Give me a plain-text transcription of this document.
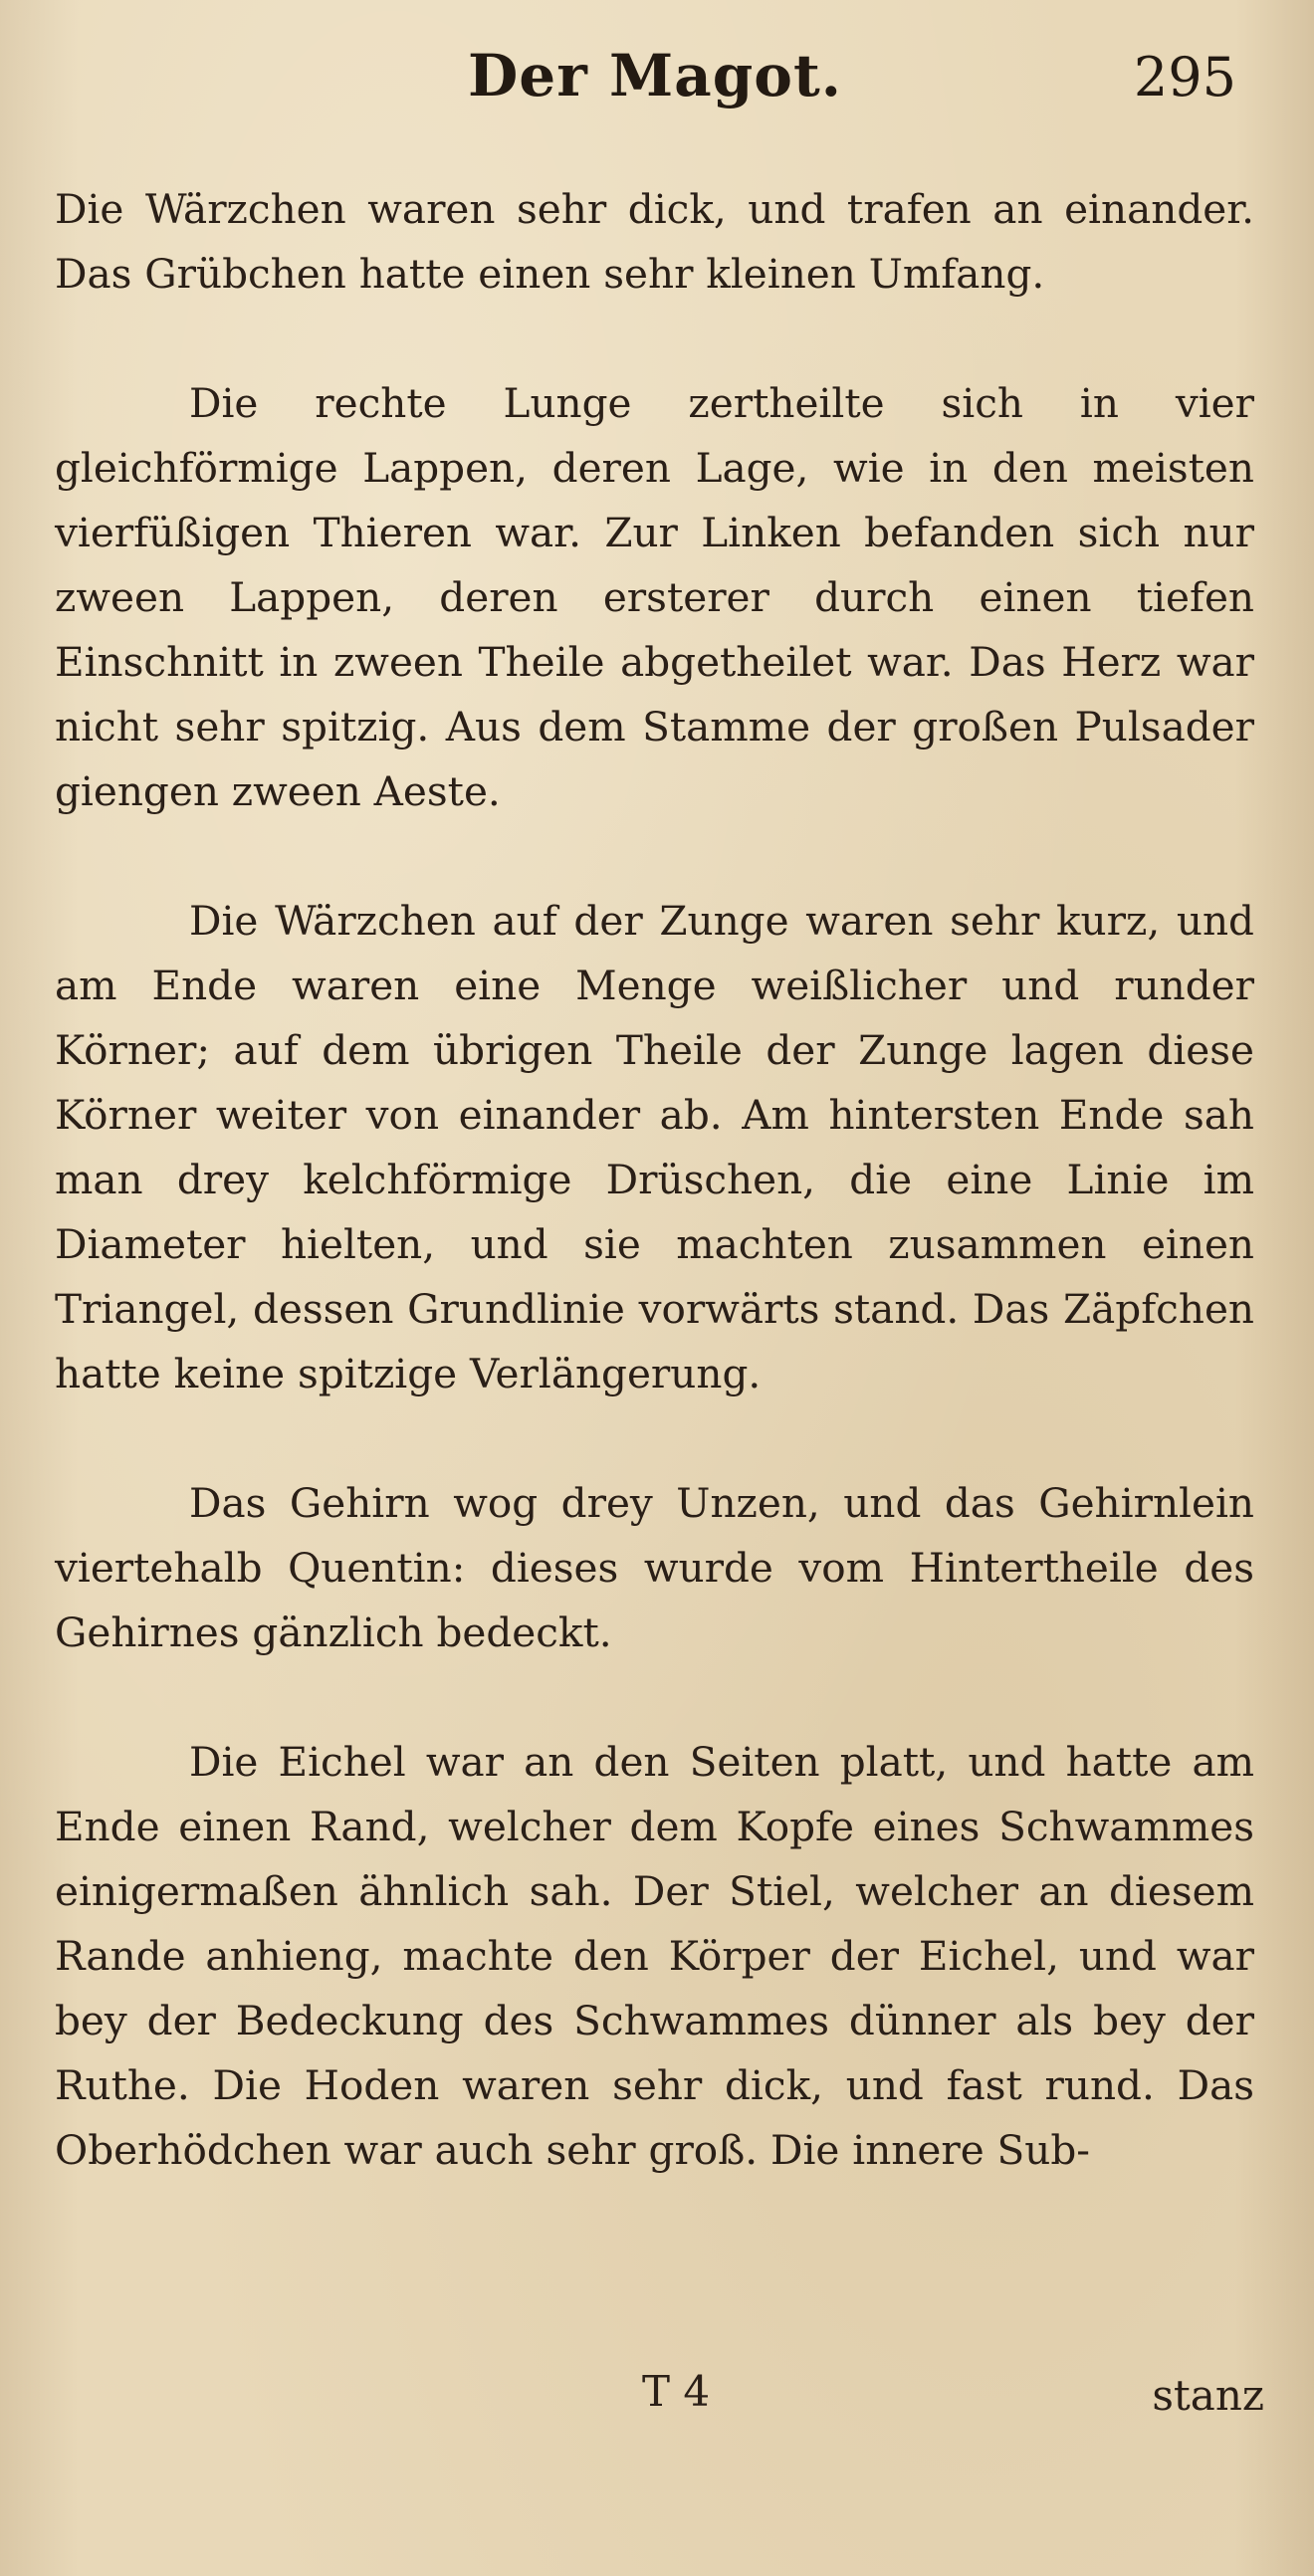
Der Magot.	295

Die Wärzchen waren sehr dick, und trafen an einander. Das Grübchen hatte einen sehr kleinen Umfang.

Die rechte Lunge zertheilte sich in vier gleichförmige Lappen, deren Lage, wie in den meisten vierfüßigen Thieren war. Zur Linken befanden sich nur zween Lappen, deren ersterer durch einen tiefen Einschnitt in zween Theile abgetheilet war. Das Herz war nicht sehr spitzig. Aus dem Stamme der großen Pulsader giengen zween Aeste.

Die Wärzchen auf der Zunge waren sehr kurz, und am Ende waren eine Menge weißlicher und runder Körner; auf dem übrigen Theile der Zunge lagen diese Körner weiter von einander ab. Am hintersten Ende sah man drey kelchförmige Drüschen, die eine Linie im Diameter hielten, und sie machten zusammen einen Triangel, dessen Grundlinie vorwärts stand. Das Zäpfchen hatte keine spitzige Verlängerung.

Das Gehirn wog drey Unzen, und das Gehirnlein viertehalb Quentin: dieses wurde vom Hintertheile des Gehirnes gänzlich bedeckt.

Die Eichel war an den Seiten platt, und hatte am Ende einen Rand, welcher dem Kopfe eines Schwammes einigermaßen ähnlich sah. Der Stiel, welcher an diesem Rande anhieng, machte den Körper der Eichel, und war bey der Bedeckung des Schwammes dünner als bey der Ruthe. Die Hoden waren sehr dick, und fast rund. Das Oberhödchen war auch sehr groß. Die innere Sub-

T 4	stanz
